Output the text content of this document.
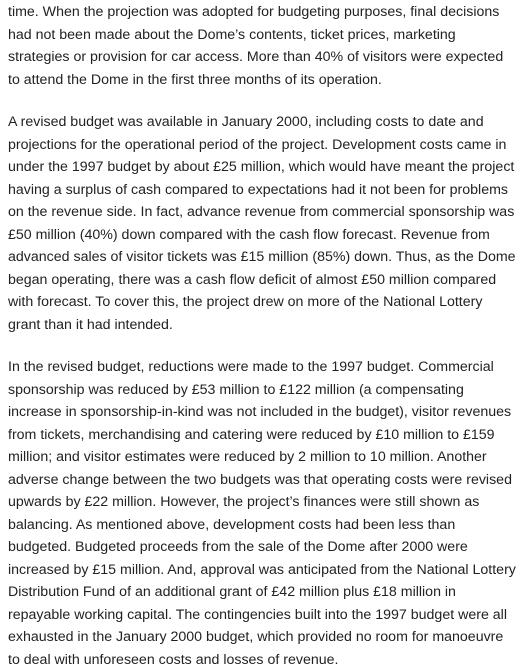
time. When the projection was adopted for budgeting purposes, final decisions had not been made about the Dome’s contents, ticket prices, marketing strategies or provision for car access. More than 40% of visitors were expected to attend the Dome in the first three months of its operation.

A revised budget was available in January 2000, including costs to date and projections for the operational period of the project. Development costs came in under the 1997 budget by about £25 million, which would have meant the project having a surplus of cash compared to expectations had it not been for problems on the revenue side. In fact, advance revenue from commercial sponsorship was £50 million (40%) down compared with the cash flow forecast. Revenue from advanced sales of visitor tickets was £15 million (85%) down. Thus, as the Dome began operating, there was a cash flow deficit of almost £50 million compared with forecast. To cover this, the project drew on more of the National Lottery grant than it had intended.

In the revised budget, reductions were made to the 1997 budget. Commercial sponsorship was reduced by £53 million to £122 million (a compensating increase in sponsorship-in-kind was not included in the budget), visitor revenues from tickets, merchandising and catering were reduced by £10 million to £159 million; and visitor estimates were reduced by 2 million to 10 million. Another adverse change between the two budgets was that operating costs were revised upwards by £22 million. However, the project’s finances were still shown as balancing. As mentioned above, development costs had been less than budgeted. Budgeted proceeds from the sale of the Dome after 2000 were increased by £15 million. And, approval was anticipated from the National Lottery Distribution Fund of an additional grant of £42 million plus £18 million in repayable working capital. The contingencies built into the 1997 budget were all exhausted in the January 2000 budget, which provided no room for manoeuvre to deal with unforeseen costs and losses of revenue.
